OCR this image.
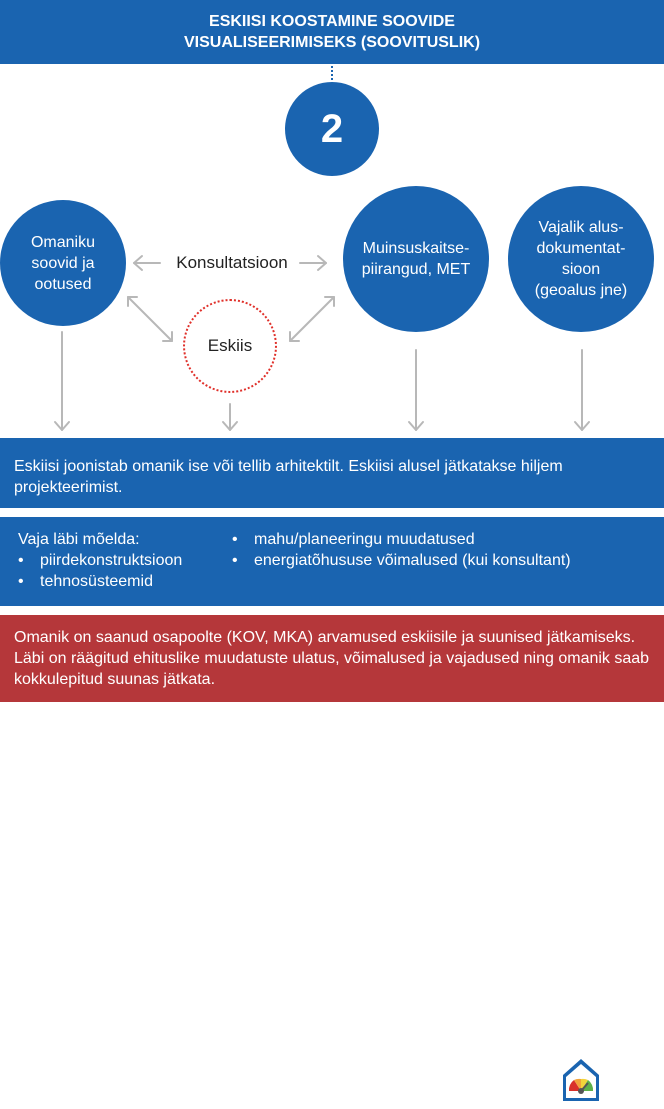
ESKIISI KOOSTAMINE SOOVIDE
VISUALISEERIMISEKS (SOOVITUSLIK)
2
Omaniku soovid ja ootused
Muinsuskaitse-piirangud, MET
Vajalik alus-dokumentat-sioon (geoalus jne)
Konsultatsioon
Eskiis
Eskiisi joonistab omanik ise või tellib arhitektilt. Eskiisi alusel jätkatakse hiljem projekteerimist.
Vaja läbi mõelda:
• piirdekonstruktsioon
• tehnosüsteemid
• mahu/planeeringu muudatused
• energiatõhususe võimalused (kui konsultant)
Omanik on saanud osapoolte (KOV, MKA) arvamused eskiisile ja suunised jätkamiseks. Läbi on räägitud ehituslike muudatuste ulatus, võimalused ja vajadused ning omanik saab kokkulepitud suunas jätkata.
